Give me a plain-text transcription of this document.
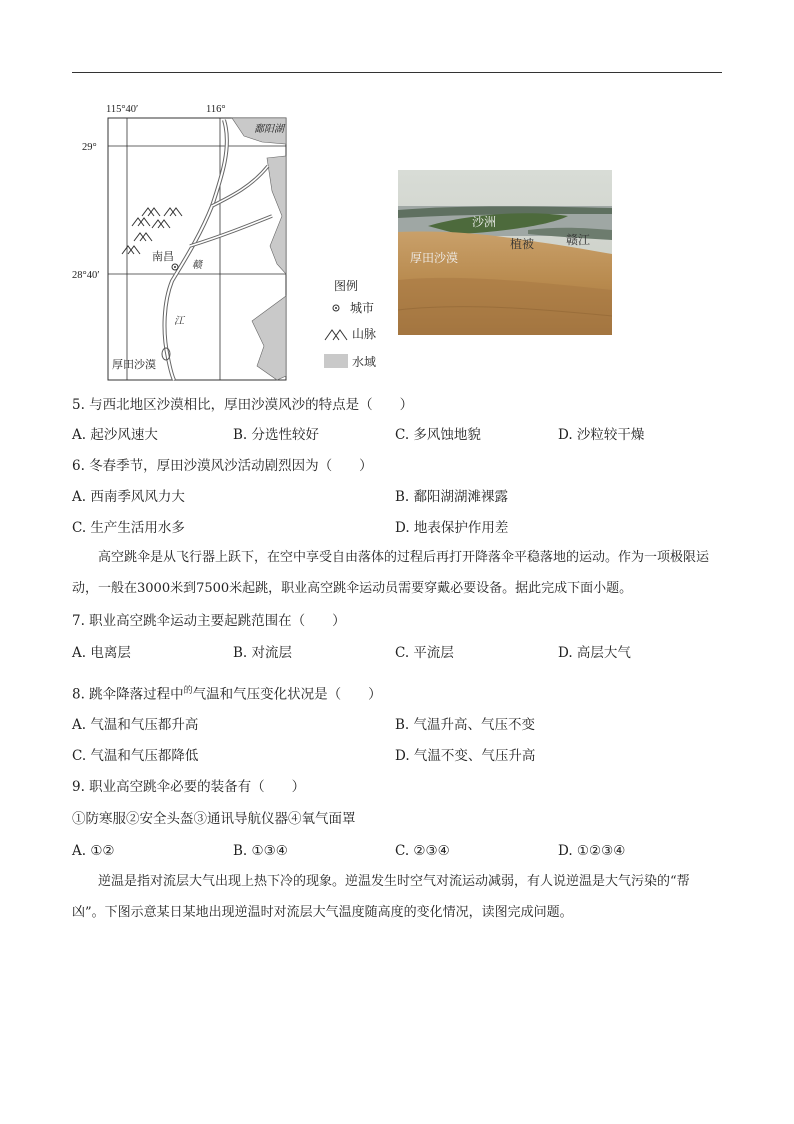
115°40′	116°
29°
28°40′
鄱阳湖
南昌
赣
江
厚田沙漠
图例
城市
山脉
水域
沙洲
植被	赣江
厚田沙漠
5. 与西北地区沙漠相比，厚田沙漠风沙的特点是（　　）
A. 起沙风速大	B. 分选性较好	C. 多风蚀地貌	D. 沙粒较干燥
6. 冬春季节，厚田沙漠风沙活动剧烈因为（　　）
A. 西南季风风力大	B. 鄱阳湖湖滩裸露
C. 生产生活用水多	D. 地表保护作用差
高空跳伞是从飞行器上跃下，在空中享受自由落体的过程后再打开降落伞平稳落地的运动。作为一项极限运动，一般在3000米到7500米起跳，职业高空跳伞运动员需要穿戴必要设备。据此完成下面小题。
7. 职业高空跳伞运动主要起跳范围在（　　）
A. 电离层	B. 对流层	C. 平流层	D. 高层大气
8. 跳伞降落过程中$^的$气温和气压变化状况是（　　）
A. 气温和气压都升高	B. 气温升高、气压不变
C. 气温和气压都降低	D. 气温不变、气压升高
9. 职业高空跳伞必要的装备有（　　）
①防寒服②安全头盔③通讯导航仪器④氧气面罩
A. ①②	B. ①③④	C. ②③④	D. ①②③④
逆温是指对流层大气出现上热下冷的现象。逆温发生时空气对流运动减弱，有人说逆温是大气污染的“帮凶”。下图示意某日某地出现逆温时对流层大气温度随高度的变化情况，读图完成问题。
